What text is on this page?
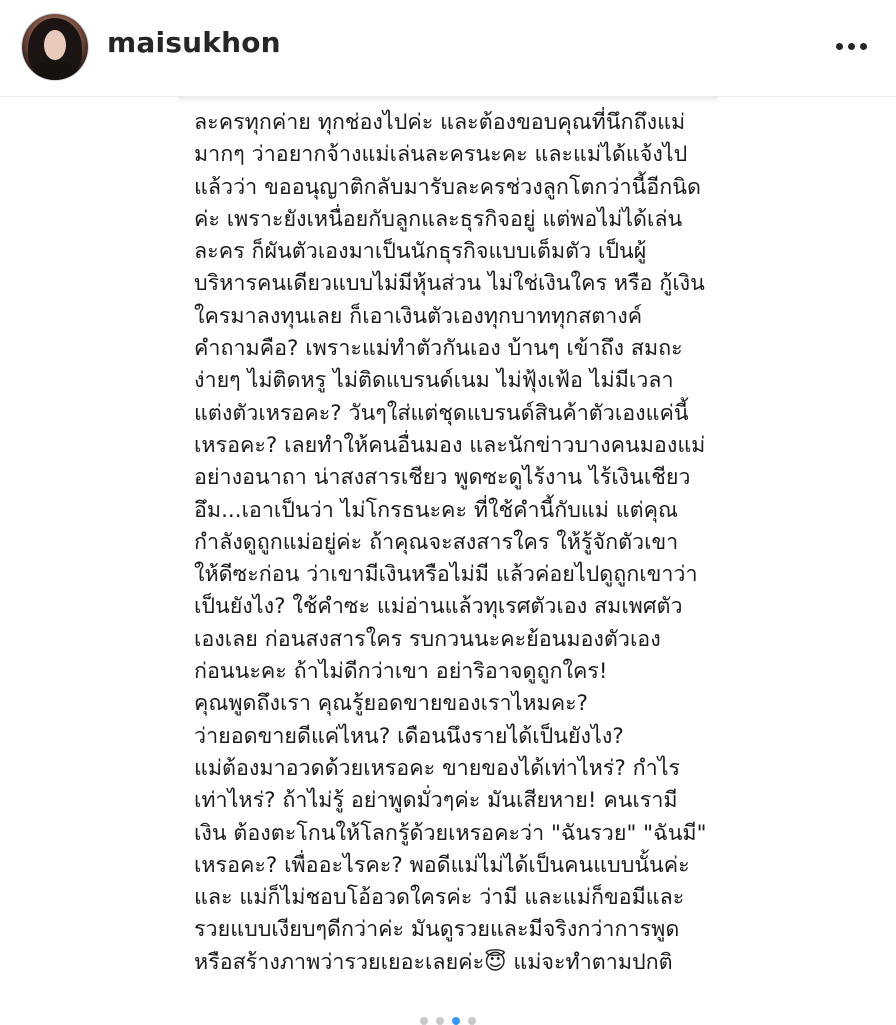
maisukhon
ละครทุกค่าย ทุกช่องไปค่ะ และต้องขอบคุณที่นึกถึงแม่
มากๆ ว่าอยากจ้างแม่เล่นละครนะคะ และแม่ได้แจ้งไป
แล้วว่า ขออนุญาติกลับมารับละครช่วงลูกโตกว่านี้อีกนิด
ค่ะ เพราะยังเหนื่อยกับลูกและธุรกิจอยู่ แต่พอไม่ได้เล่น
ละคร ก็ผันตัวเองมาเป็นนักธุรกิจแบบเต็มตัว เป็นผู้
บริหารคนเดียวแบบไม่มีหุ้นส่วน ไม่ใช่เงินใคร หรือ กู้เงิน
ใครมาลงทุนเลย ก็เอาเงินตัวเองทุกบาททุกสตางค์
คำถามคือ? เพราะแม่ทำตัวกันเอง บ้านๆ เข้าถึง สมถะ
ง่ายๆ ไม่ติดหรู ไม่ติดแบรนด์เนม ไม่ฟุ้งเฟ้อ ไม่มีเวลา
แต่งตัวเหรอคะ? วันๆใส่แต่ชุดแบรนด์สินค้าตัวเองแค่นี้
เหรอคะ? เลยทำให้คนอื่นมอง และนักข่าวบางคนมองแม่
อย่างอนาถา น่าสงสารเชียว พูดซะดูไร้งาน ไร้เงินเชียว
อึม...เอาเป็นว่า ไม่โกรธนะคะ ที่ใช้คำนี้กับแม่ แต่คุณ
กำลังดูถูกแม่อยู่ค่ะ ถ้าคุณจะสงสารใคร ให้รู้จักตัวเขา
ให้ดีซะก่อน ว่าเขามีเงินหรือไม่มี แล้วค่อยไปดูถูกเขาว่า
เป็นยังไง? ใช้คำซะ แม่อ่านแล้วทุเรศตัวเอง สมเพศตัว
เองเลย ก่อนสงสารใคร รบกวนนะคะย้อนมองตัวเอง
ก่อนนะคะ ถ้าไม่ดีกว่าเขา อย่าริอาจดูถูกใคร!
คุณพูดถึงเรา คุณรู้ยอดขายของเราไหมคะ?
ว่ายอดขายดีแค่ไหน? เดือนนึงรายได้เป็นยังไง?
แม่ต้องมาอวดด้วยเหรอคะ ขายของได้เท่าไหร่? กำไร
เท่าไหร่? ถ้าไม่รู้ อย่าพูดมั่วๆค่ะ มันเสียหาย! คนเรามี
เงิน ต้องตะโกนให้โลกรู้ด้วยเหรอคะว่า "ฉันรวย" "ฉันมี"
เหรอคะ? เพื่ออะไรคะ? พอดีแม่ไม่ได้เป็นคนแบบนั้นค่ะ
และ แม่ก็ไม่ชอบโอ้อวดใครค่ะ ว่ามี และแม่ก็ขอมีและ
รวยแบบเงียบๆดีกว่าค่ะ มันดูรวยและมีจริงกว่าการพูด
หรือสร้างภาพว่ารวยเยอะเลยค่ะ😇 แม่จะทำตามปกติ
